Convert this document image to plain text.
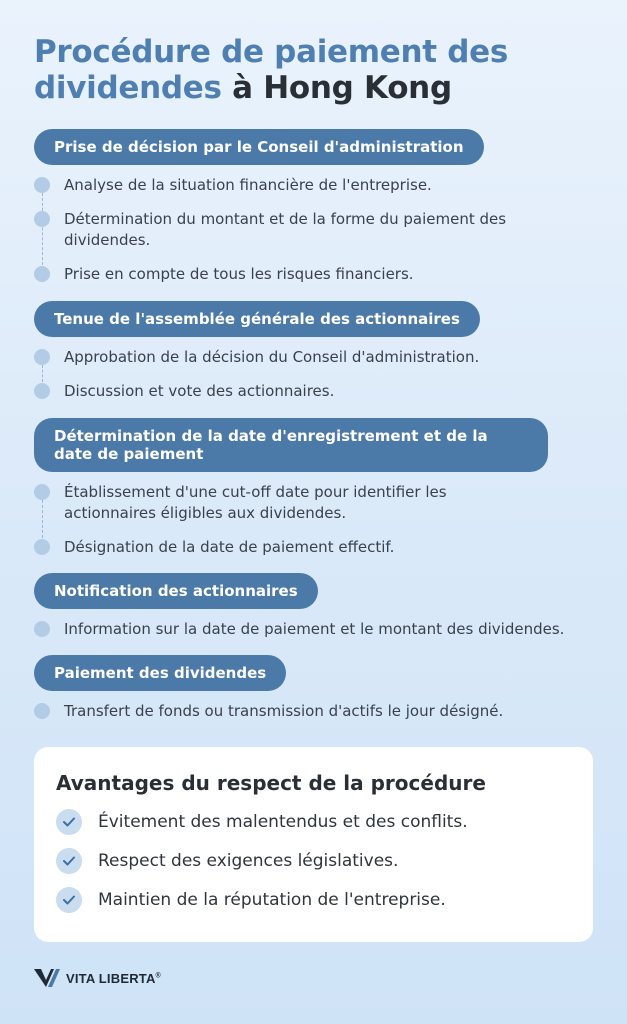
Procédure de paiement des dividendes à Hong Kong
Prise de décision par le Conseil d'administration
Analyse de la situation financière de l'entreprise.
Détermination du montant et de la forme du paiement des dividendes.
Prise en compte de tous les risques financiers.
Tenue de l'assemblée générale des actionnaires
Approbation de la décision du Conseil d'administration.
Discussion et vote des actionnaires.
Détermination de la date d'enregistrement et de la date de paiement
Établissement d'une cut-off date pour identifier les actionnaires éligibles aux dividendes.
Désignation de la date de paiement effectif.
Notification des actionnaires
Information sur la date de paiement et le montant des dividendes.
Paiement des dividendes
Transfert de fonds ou transmission d'actifs le jour désigné.
Avantages du respect de la procédure
Évitement des malentendus et des conflits.
Respect des exigences législatives.
Maintien de la réputation de l'entreprise.
VITA LIBERTA®
